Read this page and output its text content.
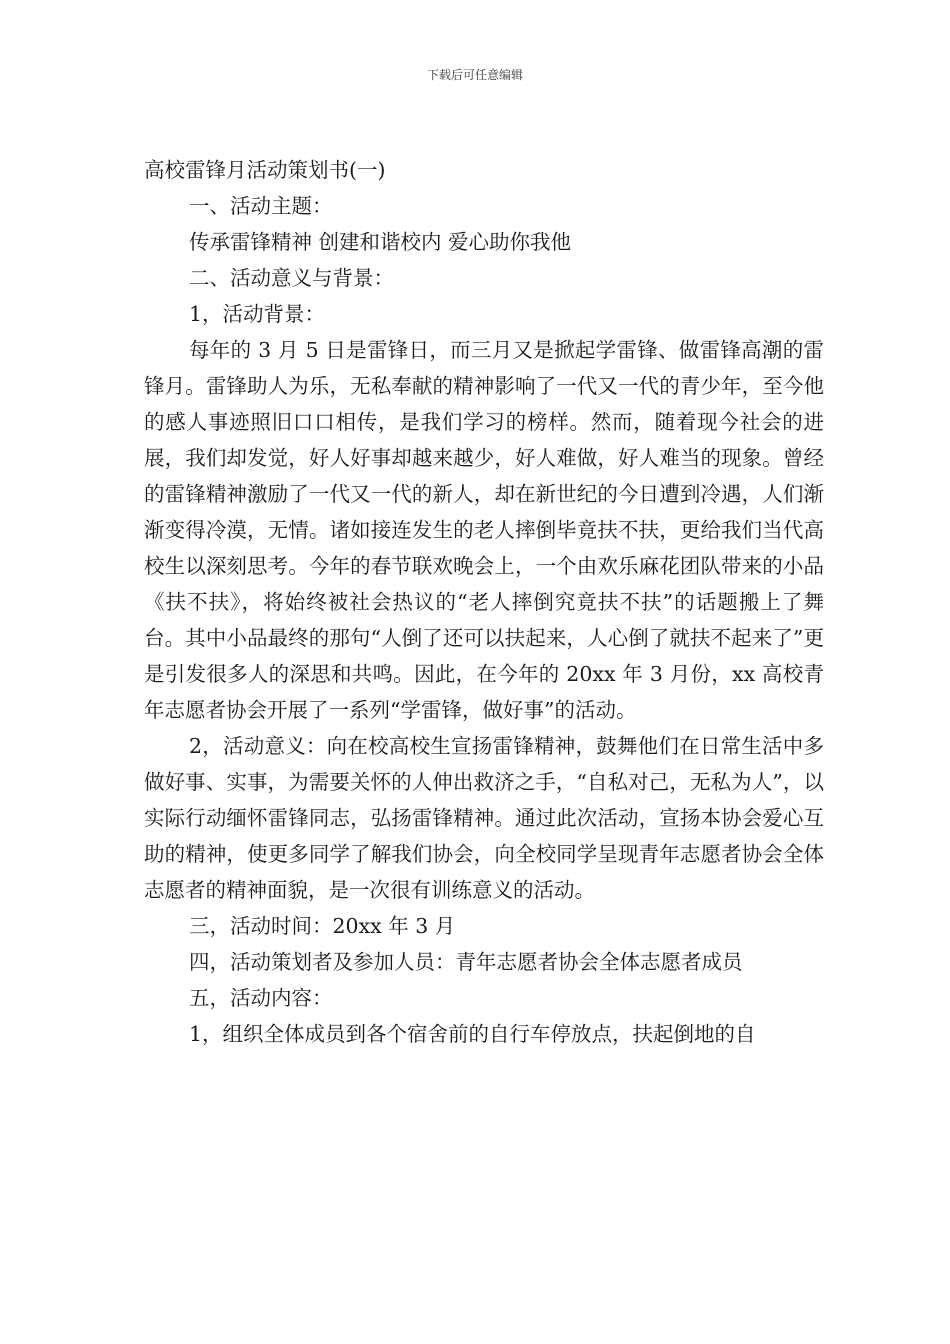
下载后可任意编辑

高校雷锋月活动策划书(一)

一、活动主题：

传承雷锋精神 创建和谐校内 爱心助你我他

二、活动意义与背景：

1，活动背景：

每年的 3 月 5 日是雷锋日，而三月又是掀起学雷锋、做雷锋高潮的雷锋月。雷锋助人为乐，无私奉献的精神影响了一代又一代的青少年，至今他的感人事迹照旧口口相传，是我们学习的榜样。然而，随着现今社会的进展，我们却发觉，好人好事却越来越少，好人难做，好人难当的现象。曾经的雷锋精神激励了一代又一代的新人，却在新世纪的今日遭到冷遇，人们渐渐变得冷漠，无情。诸如接连发生的老人摔倒毕竟扶不扶，更给我们当代高校生以深刻思考。今年的春节联欢晚会上，一个由欢乐麻花团队带来的小品《扶不扶》，将始终被社会热议的“老人摔倒究竟扶不扶”的话题搬上了舞台。其中小品最终的那句“人倒了还可以扶起来，人心倒了就扶不起来了”更是引发很多人的深思和共鸣。因此，在今年的 20xx 年 3 月份，xx 高校青年志愿者协会开展了一系列“学雷锋，做好事”的活动。

2，活动意义：向在校高校生宣扬雷锋精神，鼓舞他们在日常生活中多做好事、实事，为需要关怀的人伸出救济之手，“自私对己，无私为人”，以实际行动缅怀雷锋同志，弘扬雷锋精神。通过此次活动，宣扬本协会爱心互助的精神，使更多同学了解我们协会，向全校同学呈现青年志愿者协会全体志愿者的精神面貌，是一次很有训练意义的活动。

三，活动时间：20xx 年 3 月

四，活动策划者及参加人员：青年志愿者协会全体志愿者成员

五，活动内容：

1，组织全体成员到各个宿舍前的自行车停放点，扶起倒地的自
